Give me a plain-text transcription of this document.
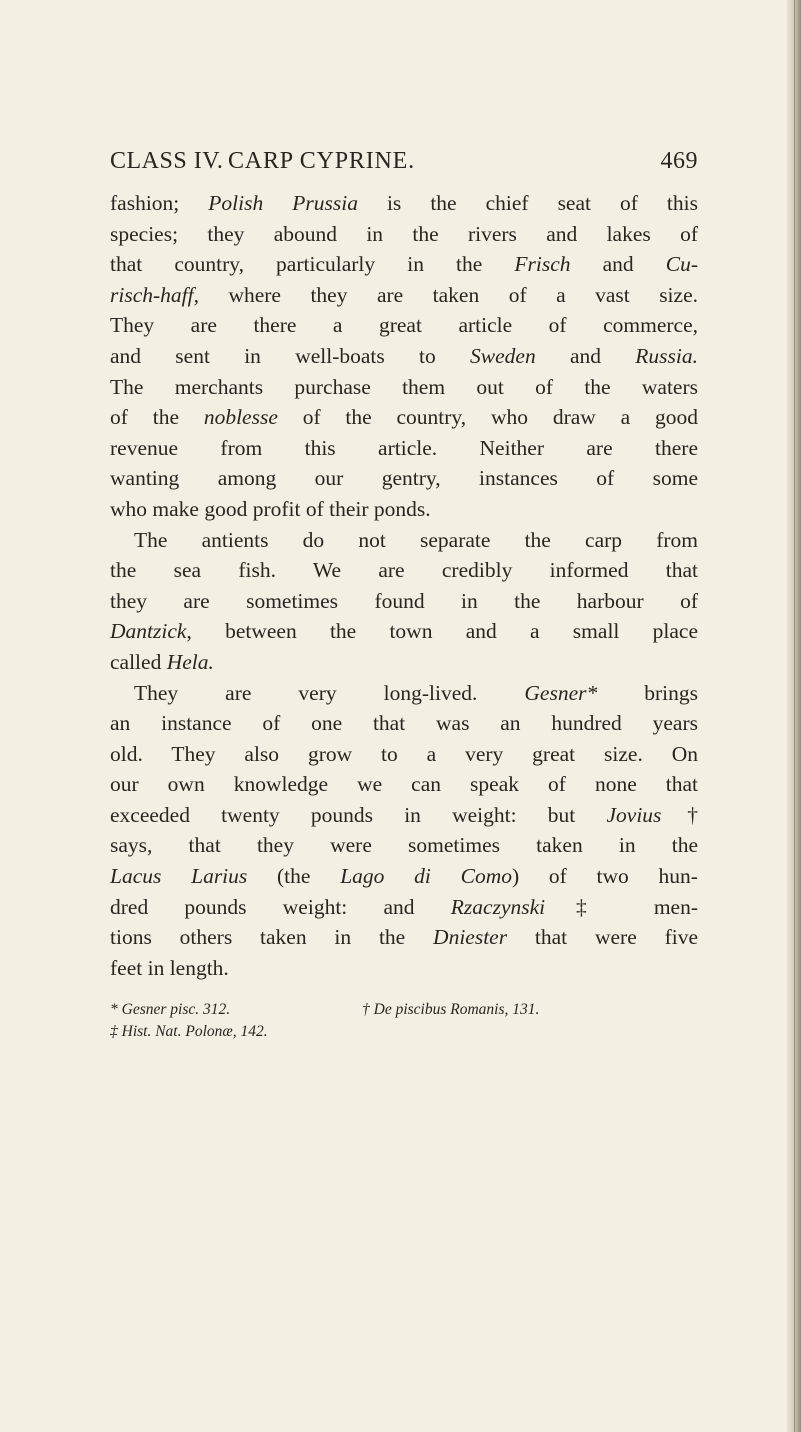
CLASS IV. CARP CYPRINE.	469
fashion; Polish Prussia is the chief seat of this
species; they abound in the rivers and lakes of
that country, particularly in the Frisch and Cu-
risch-haff, where they are taken of a vast size.
They are there a great article of commerce,
and sent in well-boats to Sweden and Russia.
The merchants purchase them out of the waters
of the noblesse of the country, who draw a good
revenue from this article. Neither are there
wanting among our gentry, instances of some
who make good profit of their ponds.
The antients do not separate the carp from
the sea fish. We are credibly informed that
they are sometimes found in the harbour of
Dantzick, between the town and a small place
called Hela.
They are very long-lived. Gesner* brings
an instance of one that was an hundred years
old. They also grow to a very great size. On
our own knowledge we can speak of none that
exceeded twenty pounds in weight: but Jovius†
says, that they were sometimes taken in the
Lacus Larius (the Lago di Como) of two hun-
dred pounds weight: and Rzaczynski‡ men-
tions others taken in the Dniester that were five
feet in length.
* Gesner pisc. 312.	† De piscibus Romanis, 131.
‡ Hist. Nat. Polonæ, 142.
